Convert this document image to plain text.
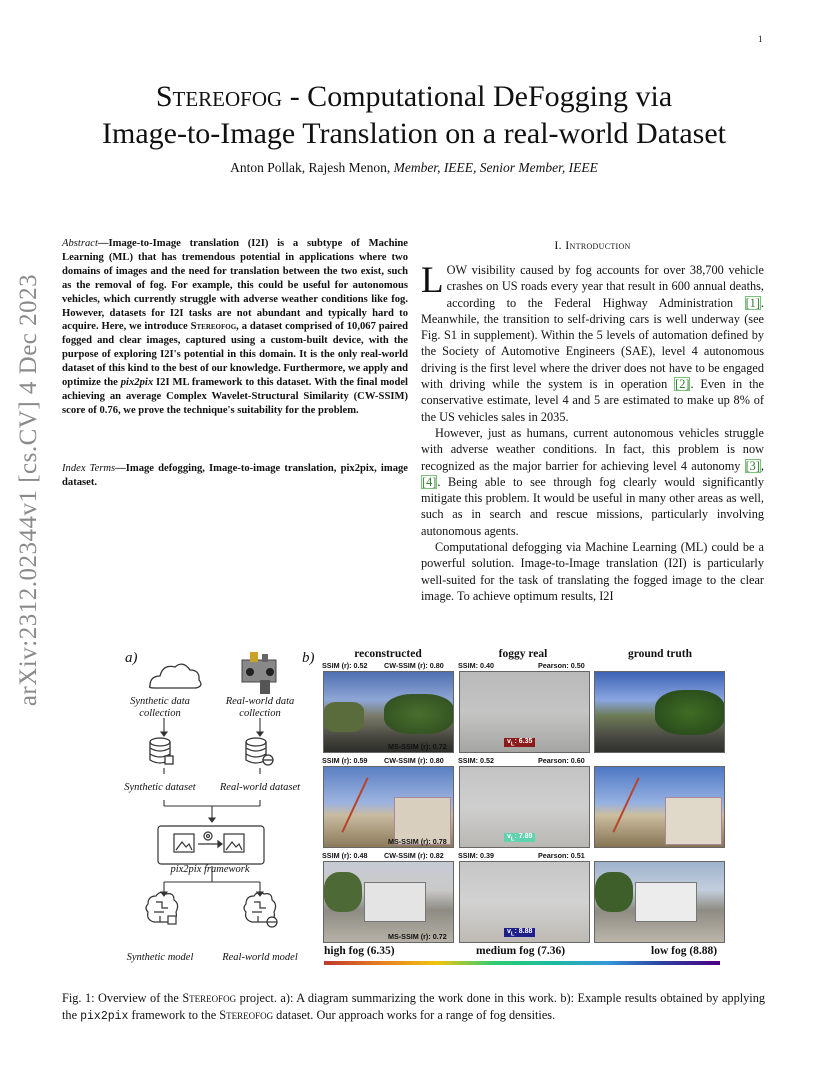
1
arXiv:2312.02344v1 [cs.CV] 4 Dec 2023
Stereofog - Computational DeFogging via
Image-to-Image Translation on a real-world Dataset
Anton Pollak, Rajesh Menon, Member, IEEE, Senior Member, IEEE
Abstract—Image-to-Image translation (I2I) is a subtype of Machine Learning (ML) that has tremendous potential in applications where two domains of images and the need for translation between the two exist, such as the removal of fog. For example, this could be useful for autonomous vehicles, which currently struggle with adverse weather conditions like fog. However, datasets for I2I tasks are not abundant and typically hard to acquire. Here, we introduce Stereofog, a dataset comprised of 10,067 paired fogged and clear images, captured using a custom-built device, with the purpose of exploring I2I's potential in this domain. It is the only real-world dataset of this kind to the best of our knowledge. Furthermore, we apply and optimize the pix2pix I2I ML framework to this dataset. With the final model achieving an average Complex Wavelet-Structural Similarity (CW-SSIM) score of 0.76, we prove the technique's suitability for the problem.
Index Terms—Image defogging, Image-to-image translation, pix2pix, image dataset.
I. Introduction

LOW visibility caused by fog accounts for over 38,700 vehicle crashes on US roads every year that result in 600 annual deaths, according to the Federal Highway Administration [1]. Meanwhile, the transition to self-driving cars is well underway (see Fig. S1 in supplement). Within the 5 levels of automation defined by the Society of Automotive Engineers (SAE), level 4 autonomous driving is the first level where the driver does not have to be engaged with driving while the system is in operation [2]. Even in the conservative estimate, level 4 and 5 are estimated to make up 8% of the US vehicles sales in 2035.

However, just as humans, current autonomous vehicles struggle with adverse weather conditions. In fact, this problem is now recognized as the major barrier for achieving level 4 autonomy [3], [4]. Being able to see through fog clearly would significantly mitigate this problem. It would be useful in many other areas as well, such as in search and rescue missions, particularly involving autonomous agents.

Computational defogging via Machine Learning (ML) could be a powerful solution. Image-to-Image translation (I2I) is particularly well-suited for the task of translating the fogged image to the clear image. To achieve optimum results, I2I

a)
Synthetic data collection
Real-world data collection
Synthetic dataset	Real-world dataset
pix2pix framework
Synthetic model	Real-world model
b)	reconstructed	foggy real	ground truth
SSIM (r): 0.52 CW-SSIM (r): 0.80 SSIM: 0.40	Pearson: 0.50
MS-SSIM (r): 0.72
$v_L$: 6.35
SSIM (r): 0.59 CW-SSIM (r): 0.80 SSIM: 0.52	Pearson: 0.60
MS-SSIM (r): 0.78
$v_L$: 7.89
SSIM (r): 0.48 CW-SSIM (r): 0.82 SSIM: 0.39	Pearson: 0.51
MS-SSIM (r): 0.72
$v_L$: 8.88
high fog (6.35)	medium fog (7.36)	low fog (8.88)
Fig. 1: Overview of the Stereofog project. a): A diagram summarizing the work done in this work. b): Example results obtained by applying the pix2pix framework to the Stereofog dataset. Our approach works for a range of fog densities.
